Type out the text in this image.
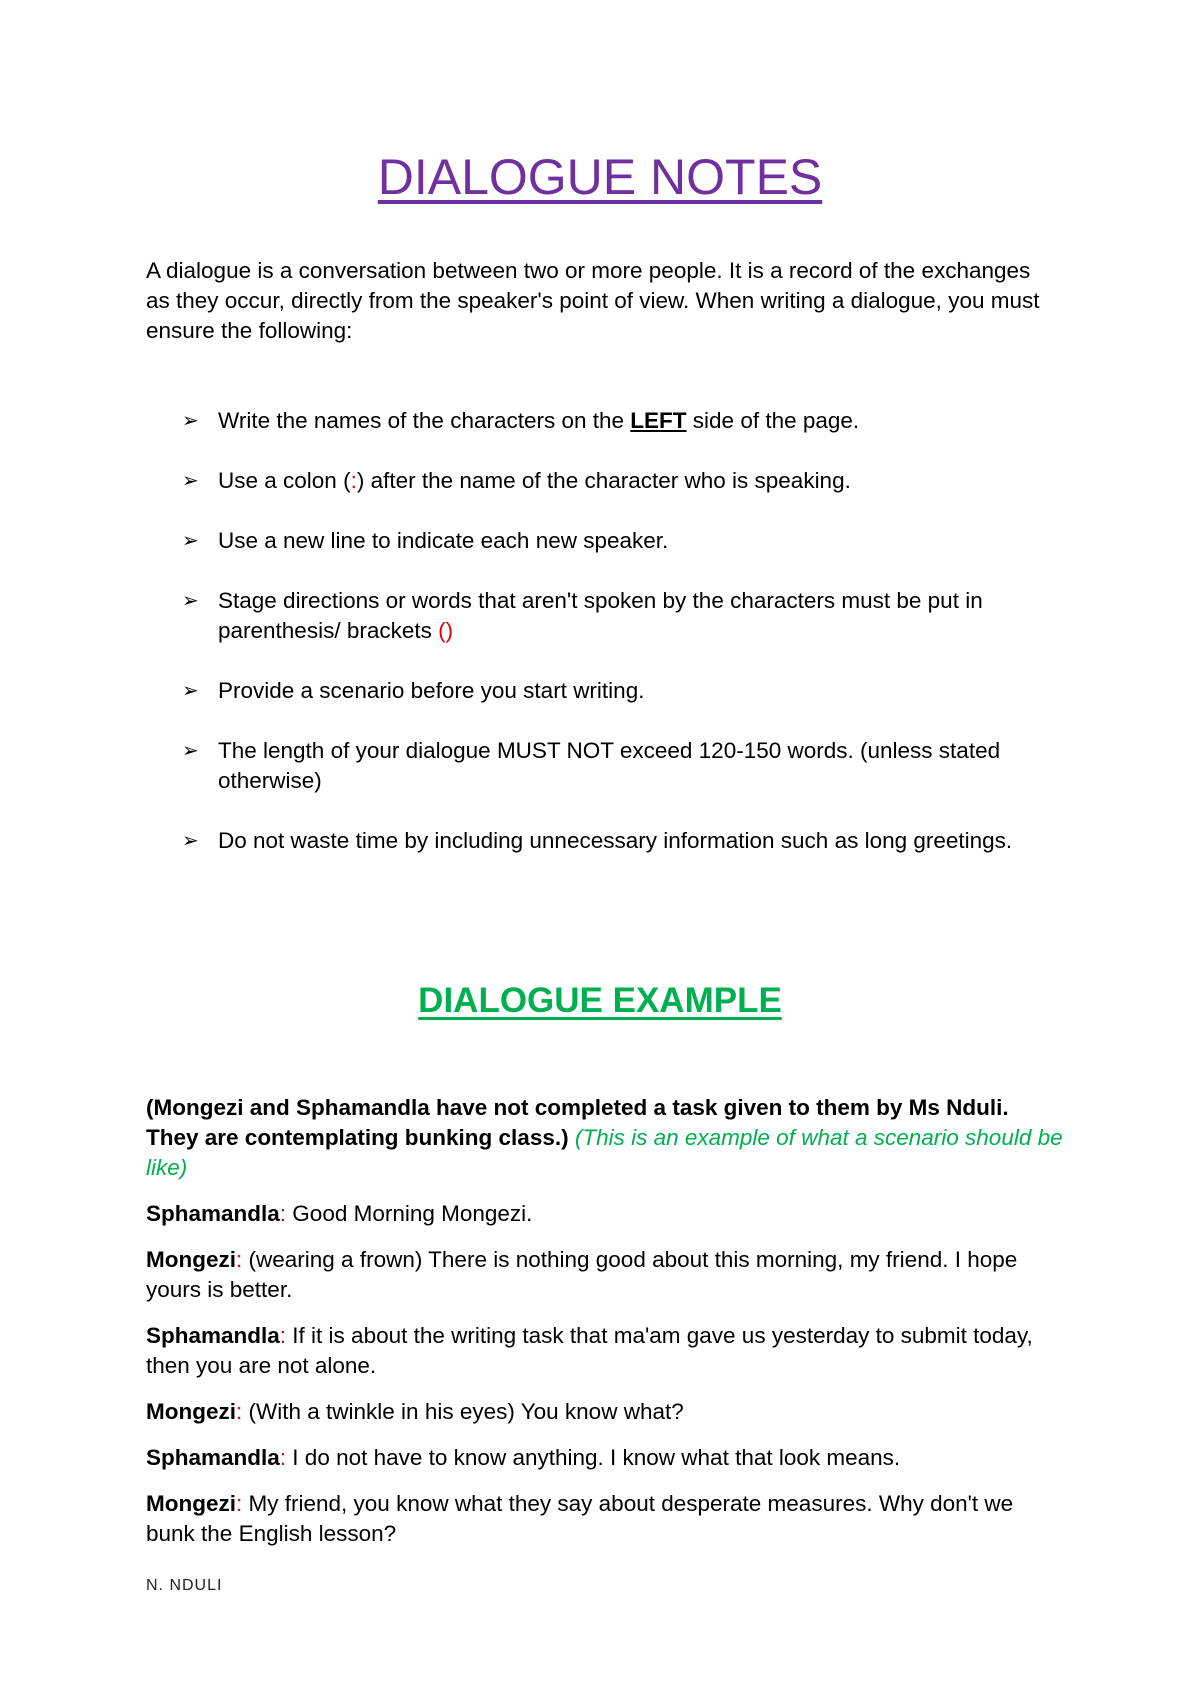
DIALOGUE NOTES

A dialogue is a conversation between two or more people. It is a record of the exchanges as they occur, directly from the speaker's point of view. When writing a dialogue, you must ensure the following:

➢ Write the names of the characters on the LEFT side of the page.
➢ Use a colon (:) after the name of the character who is speaking.
➢ Use a new line to indicate each new speaker.
➢ Stage directions or words that aren't spoken by the characters must be put in parenthesis/ brackets ()
➢ Provide a scenario before you start writing.
➢ The length of your dialogue MUST NOT exceed 120-150 words. (unless stated otherwise)
➢ Do not waste time by including unnecessary information such as long greetings.
DIALOGUE EXAMPLE

(Mongezi and Sphamandla have not completed a task given to them by Ms Nduli. They are contemplating bunking class.) (This is an example of what a scenario should be like)

Sphamandla: Good Morning Mongezi.

Mongezi: (wearing a frown) There is nothing good about this morning, my friend. I hope yours is better.

Sphamandla: If it is about the writing task that ma'am gave us yesterday to submit today, then you are not alone.

Mongezi: (With a twinkle in his eyes) You know what?

Sphamandla: I do not have to know anything. I know what that look means.

Mongezi: My friend, you know what they say about desperate measures. Why don't we bunk the English lesson?

N. NDULI
